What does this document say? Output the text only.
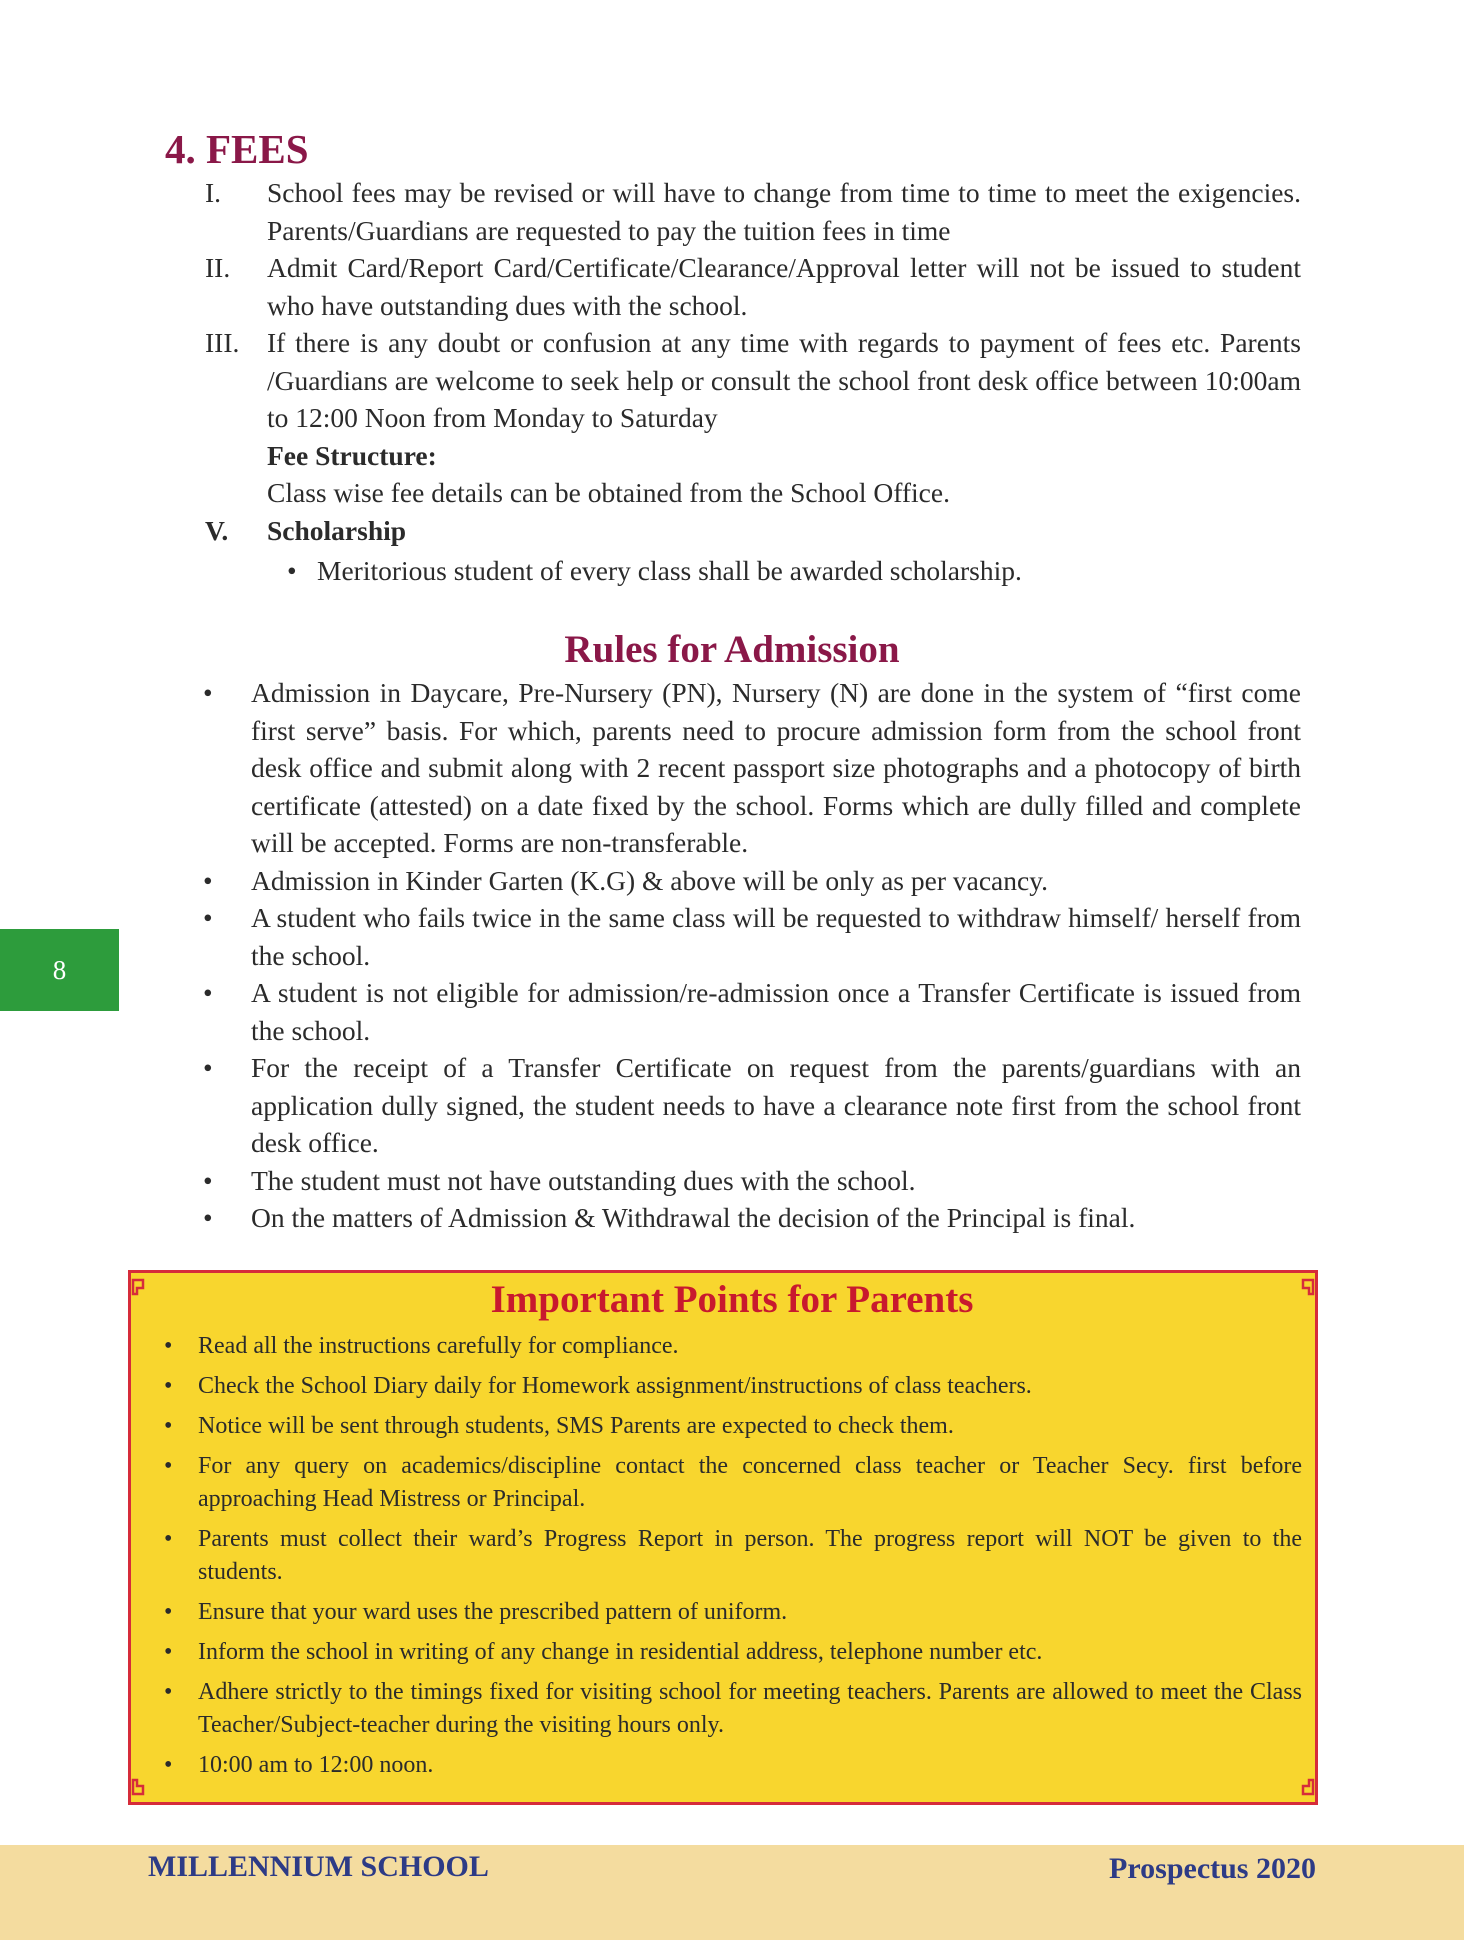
4. FEES
I.	School fees may be revised or will have to change from time to time to meet the exigencies. Parents/Guardians are requested to pay the tuition fees in time
II.	Admit Card/Report Card/Certificate/Clearance/Approval letter will not be issued to student who have outstanding dues with the school.
III.	If there is any doubt or confusion at any time with regards to payment of fees etc. Parents /Guardians are welcome to seek help or consult the school front desk office between 10:00am to 12:00 Noon from Monday to Saturday
Fee Structure:
Class wise fee details can be obtained from the School Office.
V.	Scholarship
• Meritorious student of every class shall be awarded scholarship.
Rules for Admission
•	Admission in Daycare, Pre-Nursery (PN), Nursery (N) are done in the system of “first come first serve” basis. For which, parents need to procure admission form from the school front desk office and submit along with 2 recent passport size photographs and a photocopy of birth certificate (attested) on a date fixed by the school. Forms which are dully filled and complete will be accepted. Forms are non-transferable.
•	Admission in Kinder Garten (K.G) & above will be only as per vacancy.
•	A student who fails twice in the same class will be requested to withdraw himself/ herself from the school.
•	A student is not eligible for admission/re-admission once a Transfer Certificate is issued from the school.
•	For the receipt of a Transfer Certificate on request from the parents/guardians with an application dully signed, the student needs to have a clearance note first from the school front desk office.
•	The student must not have outstanding dues with the school.
•	On the matters of Admission & Withdrawal the decision of the Principal is final.
8
Important Points for Parents
•	Read all the instructions carefully for compliance.
•	Check the School Diary daily for Homework assignment/instructions of class teachers.
•	Notice will be sent through students, SMS Parents are expected to check them.
•	For any query on academics/discipline contact the concerned class teacher or Teacher Secy. first before approaching Head Mistress or Principal.
•	Parents must collect their ward’s Progress Report in person. The progress report will NOT be given to the students.
•	Ensure that your ward uses the prescribed pattern of uniform.
•	Inform the school in writing of any change in residential address, telephone number etc.
•	Adhere strictly to the timings fixed for visiting school for meeting teachers. Parents are allowed to meet the Class Teacher/Subject-teacher during the visiting hours only.
•	10:00 am to 12:00 noon.
MILLENNIUM SCHOOL	Prospectus 2020
